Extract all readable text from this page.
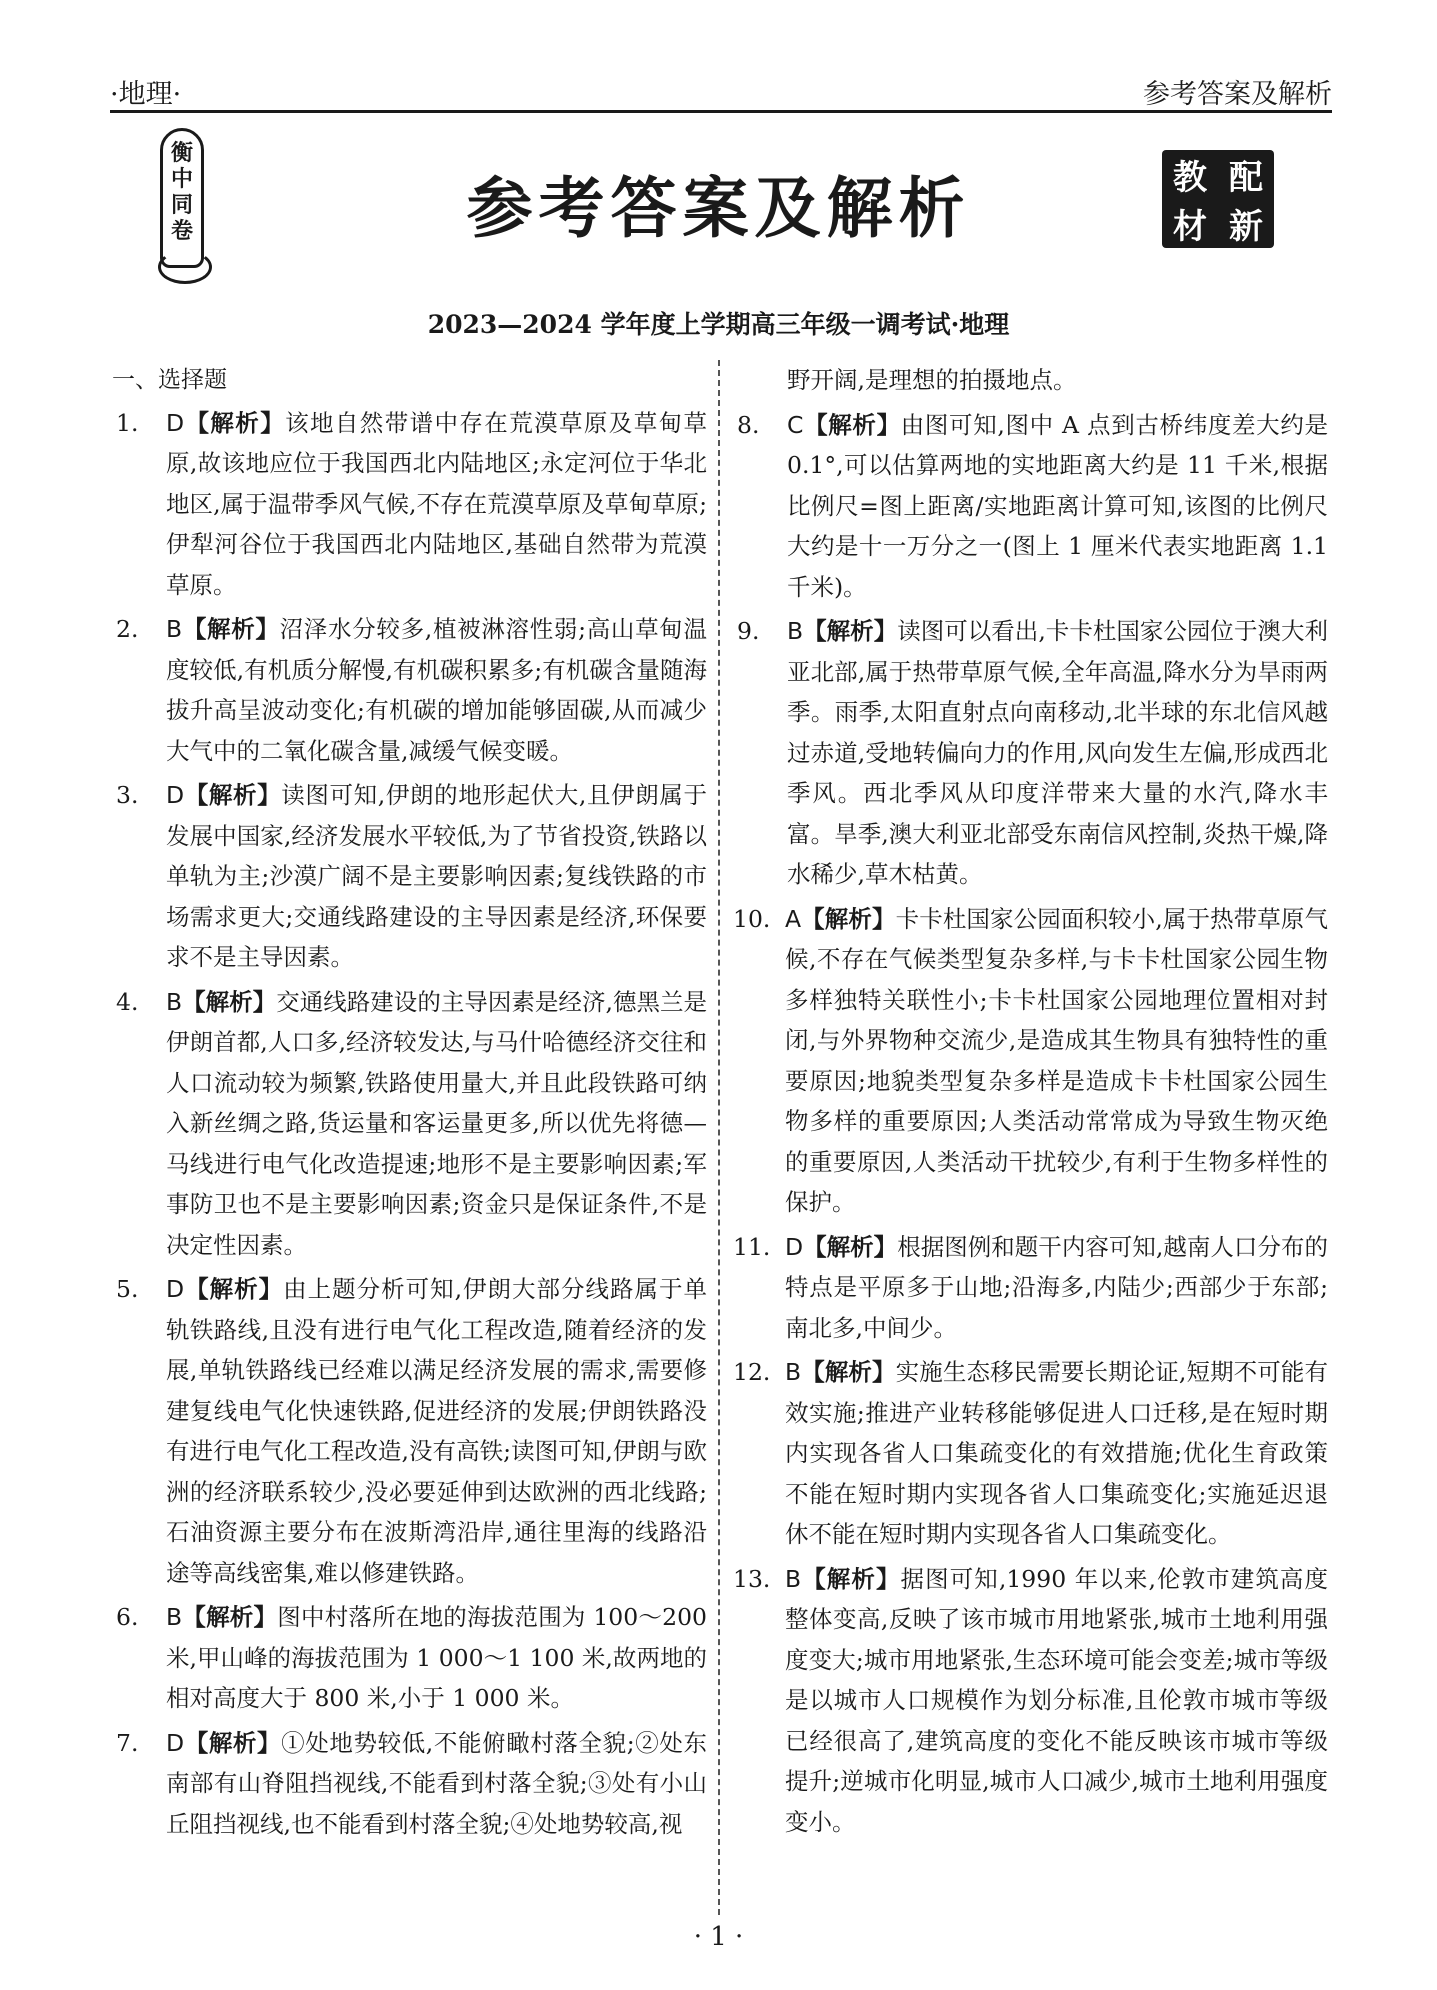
·地理·	参考答案及解析
衡
中
同
卷	参考答案及解析	教 配
材 新
2023—2024 学年度上学期高三年级一调考试·地理
一、选择题
1.	D【解析】该地自然带谱中存在荒漠草原及草甸草原,故该地应位于我国西北内陆地区;永定河位于华北地区,属于温带季风气候,不存在荒漠草原及草甸草原;伊犁河谷位于我国西北内陆地区,基础自然带为荒漠草原。
2.	B【解析】沼泽水分较多,植被淋溶性弱;高山草甸温度较低,有机质分解慢,有机碳积累多;有机碳含量随海拔升高呈波动变化;有机碳的增加能够固碳,从而减少大气中的二氧化碳含量,减缓气候变暖。
3.	D【解析】读图可知,伊朗的地形起伏大,且伊朗属于发展中国家,经济发展水平较低,为了节省投资,铁路以单轨为主;沙漠广阔不是主要影响因素;复线铁路的市场需求更大;交通线路建设的主导因素是经济,环保要求不是主导因素。
4.	B【解析】交通线路建设的主导因素是经济,德黑兰是伊朗首都,人口多,经济较发达,与马什哈德经济交往和人口流动较为频繁,铁路使用量大,并且此段铁路可纳入新丝绸之路,货运量和客运量更多,所以优先将德—马线进行电气化改造提速;地形不是主要影响因素;军事防卫也不是主要影响因素;资金只是保证条件,不是决定性因素。
5.	D【解析】由上题分析可知,伊朗大部分线路属于单轨铁路线,且没有进行电气化工程改造,随着经济的发展,单轨铁路线已经难以满足经济发展的需求,需要修建复线电气化快速铁路,促进经济的发展;伊朗铁路没有进行电气化工程改造,没有高铁;读图可知,伊朗与欧洲的经济联系较少,没必要延伸到达欧洲的西北线路;石油资源主要分布在波斯湾沿岸,通往里海的线路沿途等高线密集,难以修建铁路。
6.	B【解析】图中村落所在地的海拔范围为 100～200 米,甲山峰的海拔范围为 1 000～1 100 米,故两地的相对高度大于 800 米,小于 1 000 米。
7.	D【解析】①处地势较低,不能俯瞰村落全貌;②处东南部有山脊阻挡视线,不能看到村落全貌;③处有小山丘阻挡视线,也不能看到村落全貌;④处地势较高,视
野开阔,是理想的拍摄地点。
8.	C【解析】由图可知,图中 A 点到古桥纬度差大约是 0.1°,可以估算两地的实地距离大约是 11 千米,根据比例尺=图上距离/实地距离计算可知,该图的比例尺大约是十一万分之一(图上 1 厘米代表实地距离 1.1 千米)。
9.	B【解析】读图可以看出,卡卡杜国家公园位于澳大利亚北部,属于热带草原气候,全年高温,降水分为旱雨两季。雨季,太阳直射点向南移动,北半球的东北信风越过赤道,受地转偏向力的作用,风向发生左偏,形成西北季风。西北季风从印度洋带来大量的水汽,降水丰富。旱季,澳大利亚北部受东南信风控制,炎热干燥,降水稀少,草木枯黄。
10. A【解析】卡卡杜国家公园面积较小,属于热带草原气候,不存在气候类型复杂多样,与卡卡杜国家公园生物多样独特关联性小;卡卡杜国家公园地理位置相对封闭,与外界物种交流少,是造成其生物具有独特性的重要原因;地貌类型复杂多样是造成卡卡杜国家公园生物多样的重要原因;人类活动常常成为导致生物灭绝的重要原因,人类活动干扰较少,有利于生物多样性的保护。
11. D【解析】根据图例和题干内容可知,越南人口分布的特点是平原多于山地;沿海多,内陆少;西部少于东部;南北多,中间少。
12. B【解析】实施生态移民需要长期论证,短期不可能有效实施;推进产业转移能够促进人口迁移,是在短时期内实现各省人口集疏变化的有效措施;优化生育政策不能在短时期内实现各省人口集疏变化;实施延迟退休不能在短时期内实现各省人口集疏变化。
13. B【解析】据图可知,1990 年以来,伦敦市建筑高度整体变高,反映了该市城市用地紧张,城市土地利用强度变大;城市用地紧张,生态环境可能会变差;城市等级是以城市人口规模作为划分标准,且伦敦市城市等级已经很高了,建筑高度的变化不能反映该市城市等级提升;逆城市化明显,城市人口减少,城市土地利用强度变小。
· 1 ·
